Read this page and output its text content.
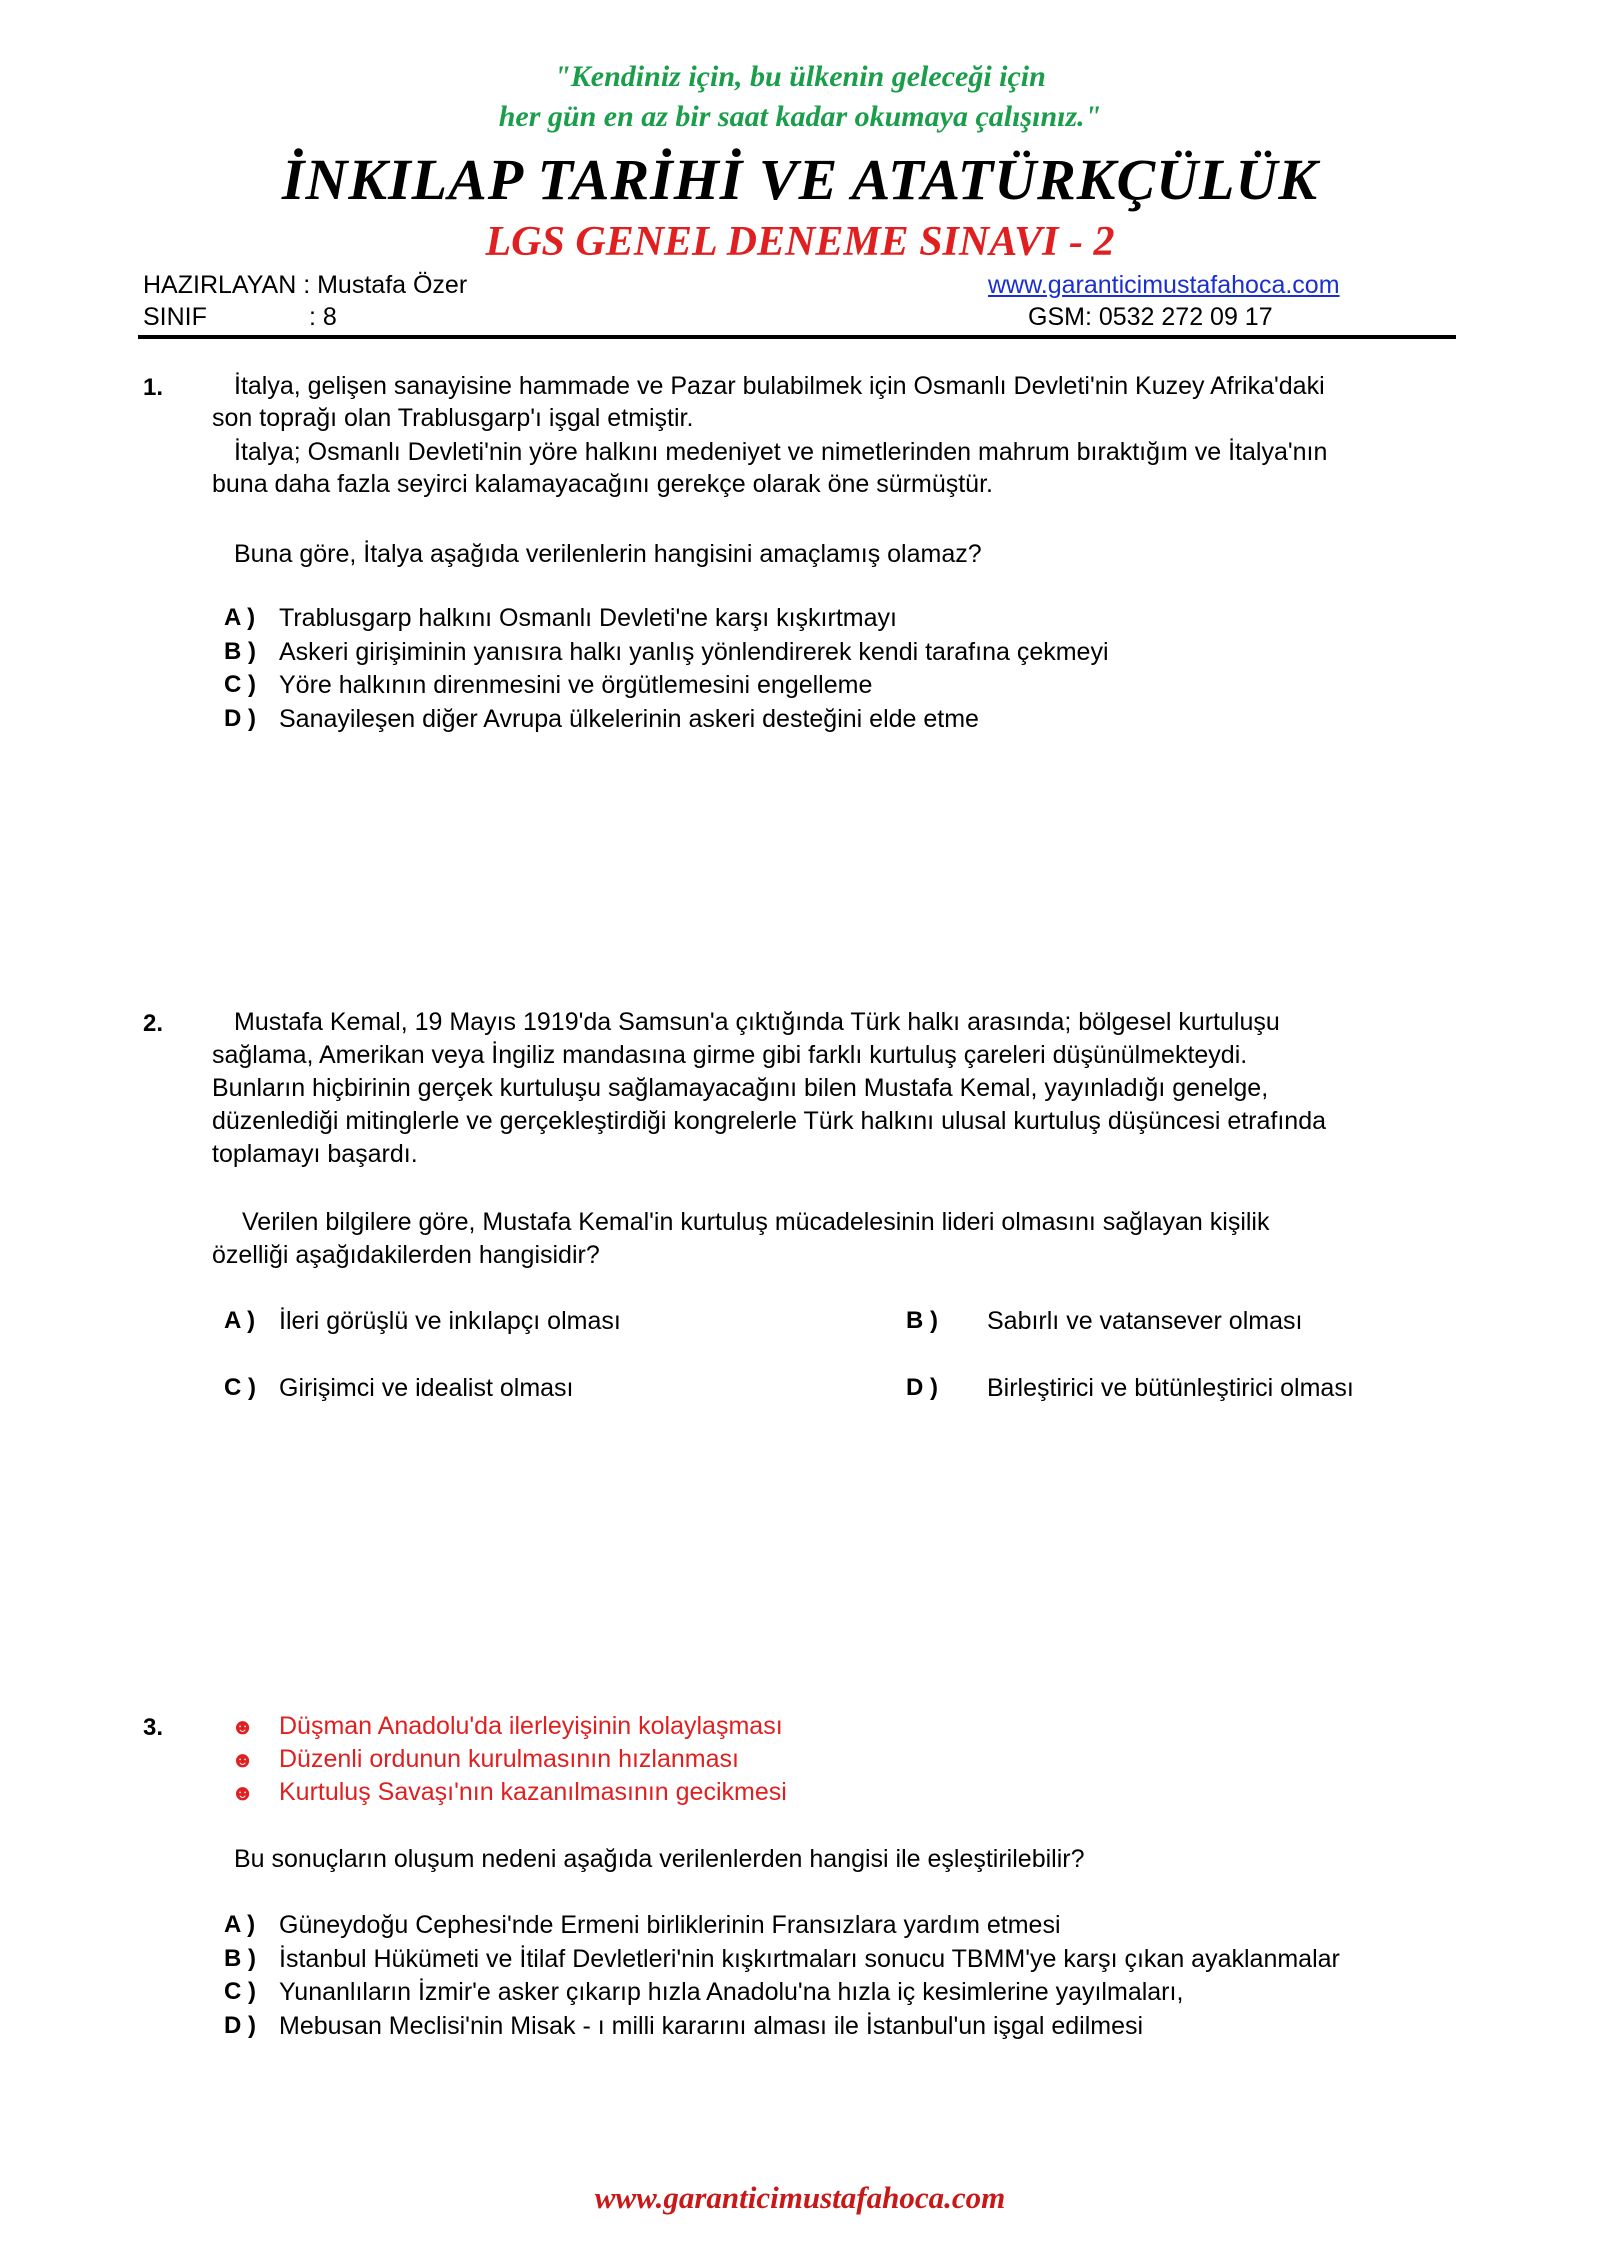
"Kendiniz için, bu ülkenin geleceği için
her gün en az bir saat kadar okumaya çalışınız."
İNKILAP TARİHİ VE ATATÜRKÇÜLÜK
LGS GENEL DENEME SINAVI - 2
HAZIRLAYAN : Mustafa Özer	www.garanticimustafahoca.com
SINIF	: 8	GSM: 0532 272 09 17
1.	İtalya, gelişen sanayisine hammade ve Pazar bulabilmek için Osmanlı Devleti'nin Kuzey Afrika'daki
son toprağı olan Trablusgarp'ı işgal etmiştir.
İtalya; Osmanlı Devleti'nin yöre halkını medeniyet ve nimetlerinden mahrum bıraktığım ve İtalya'nın
buna daha fazla seyirci kalamayacağını gerekçe olarak öne sürmüştür.
Buna göre, İtalya aşağıda verilenlerin hangisini amaçlamış olamaz?
A ) Trablusgarp halkını Osmanlı Devleti'ne karşı kışkırtmayı
B ) Askeri girişiminin yanısıra halkı yanlış yönlendirerek kendi tarafına çekmeyi
C ) Yöre halkının direnmesini ve örgütlemesini engelleme
D ) Sanayileşen diğer Avrupa ülkelerinin askeri desteğini elde etme
2.	Mustafa Kemal, 19 Mayıs 1919'da Samsun'a çıktığında Türk halkı arasında; bölgesel kurtuluşu
sağlama, Amerikan veya İngiliz mandasına girme gibi farklı kurtuluş çareleri düşünülmekteydi.
Bunların hiçbirinin gerçek kurtuluşu sağlamayacağını bilen Mustafa Kemal, yayınladığı genelge,
düzenlediği mitinglerle ve gerçekleştirdiği kongrelerle Türk halkını ulusal kurtuluş düşüncesi etrafında
toplamayı başardı.
Verilen bilgilere göre, Mustafa Kemal'in kurtuluş mücadelesinin lideri olmasını sağlayan kişilik
özelliği aşağıdakilerden hangisidir?
A ) İleri görüşlü ve inkılapçı olması	B ) Sabırlı ve vatansever olması
C ) Girişimci ve idealist olması	D ) Birleştirici ve bütünleştirici olması
3.	☻ Düşman Anadolu'da ilerleyişinin kolaylaşması
☻ Düzenli ordunun kurulmasının hızlanması
☻ Kurtuluş Savaşı'nın kazanılmasının gecikmesi
Bu sonuçların oluşum nedeni aşağıda verilenlerden hangisi ile eşleştirilebilir?
A ) Güneydoğu Cephesi'nde Ermeni birliklerinin Fransızlara yardım etmesi
B ) İstanbul Hükümeti ve İtilaf Devletleri'nin kışkırtmaları sonucu TBMM'ye karşı çıkan ayaklanmalar
C ) Yunanlıların İzmir'e asker çıkarıp hızla Anadolu'na hızla iç kesimlerine yayılmaları,
D ) Mebusan Meclisi'nin Misak - ı milli kararını alması ile İstanbul'un işgal edilmesi
www.garanticimustafahoca.com
